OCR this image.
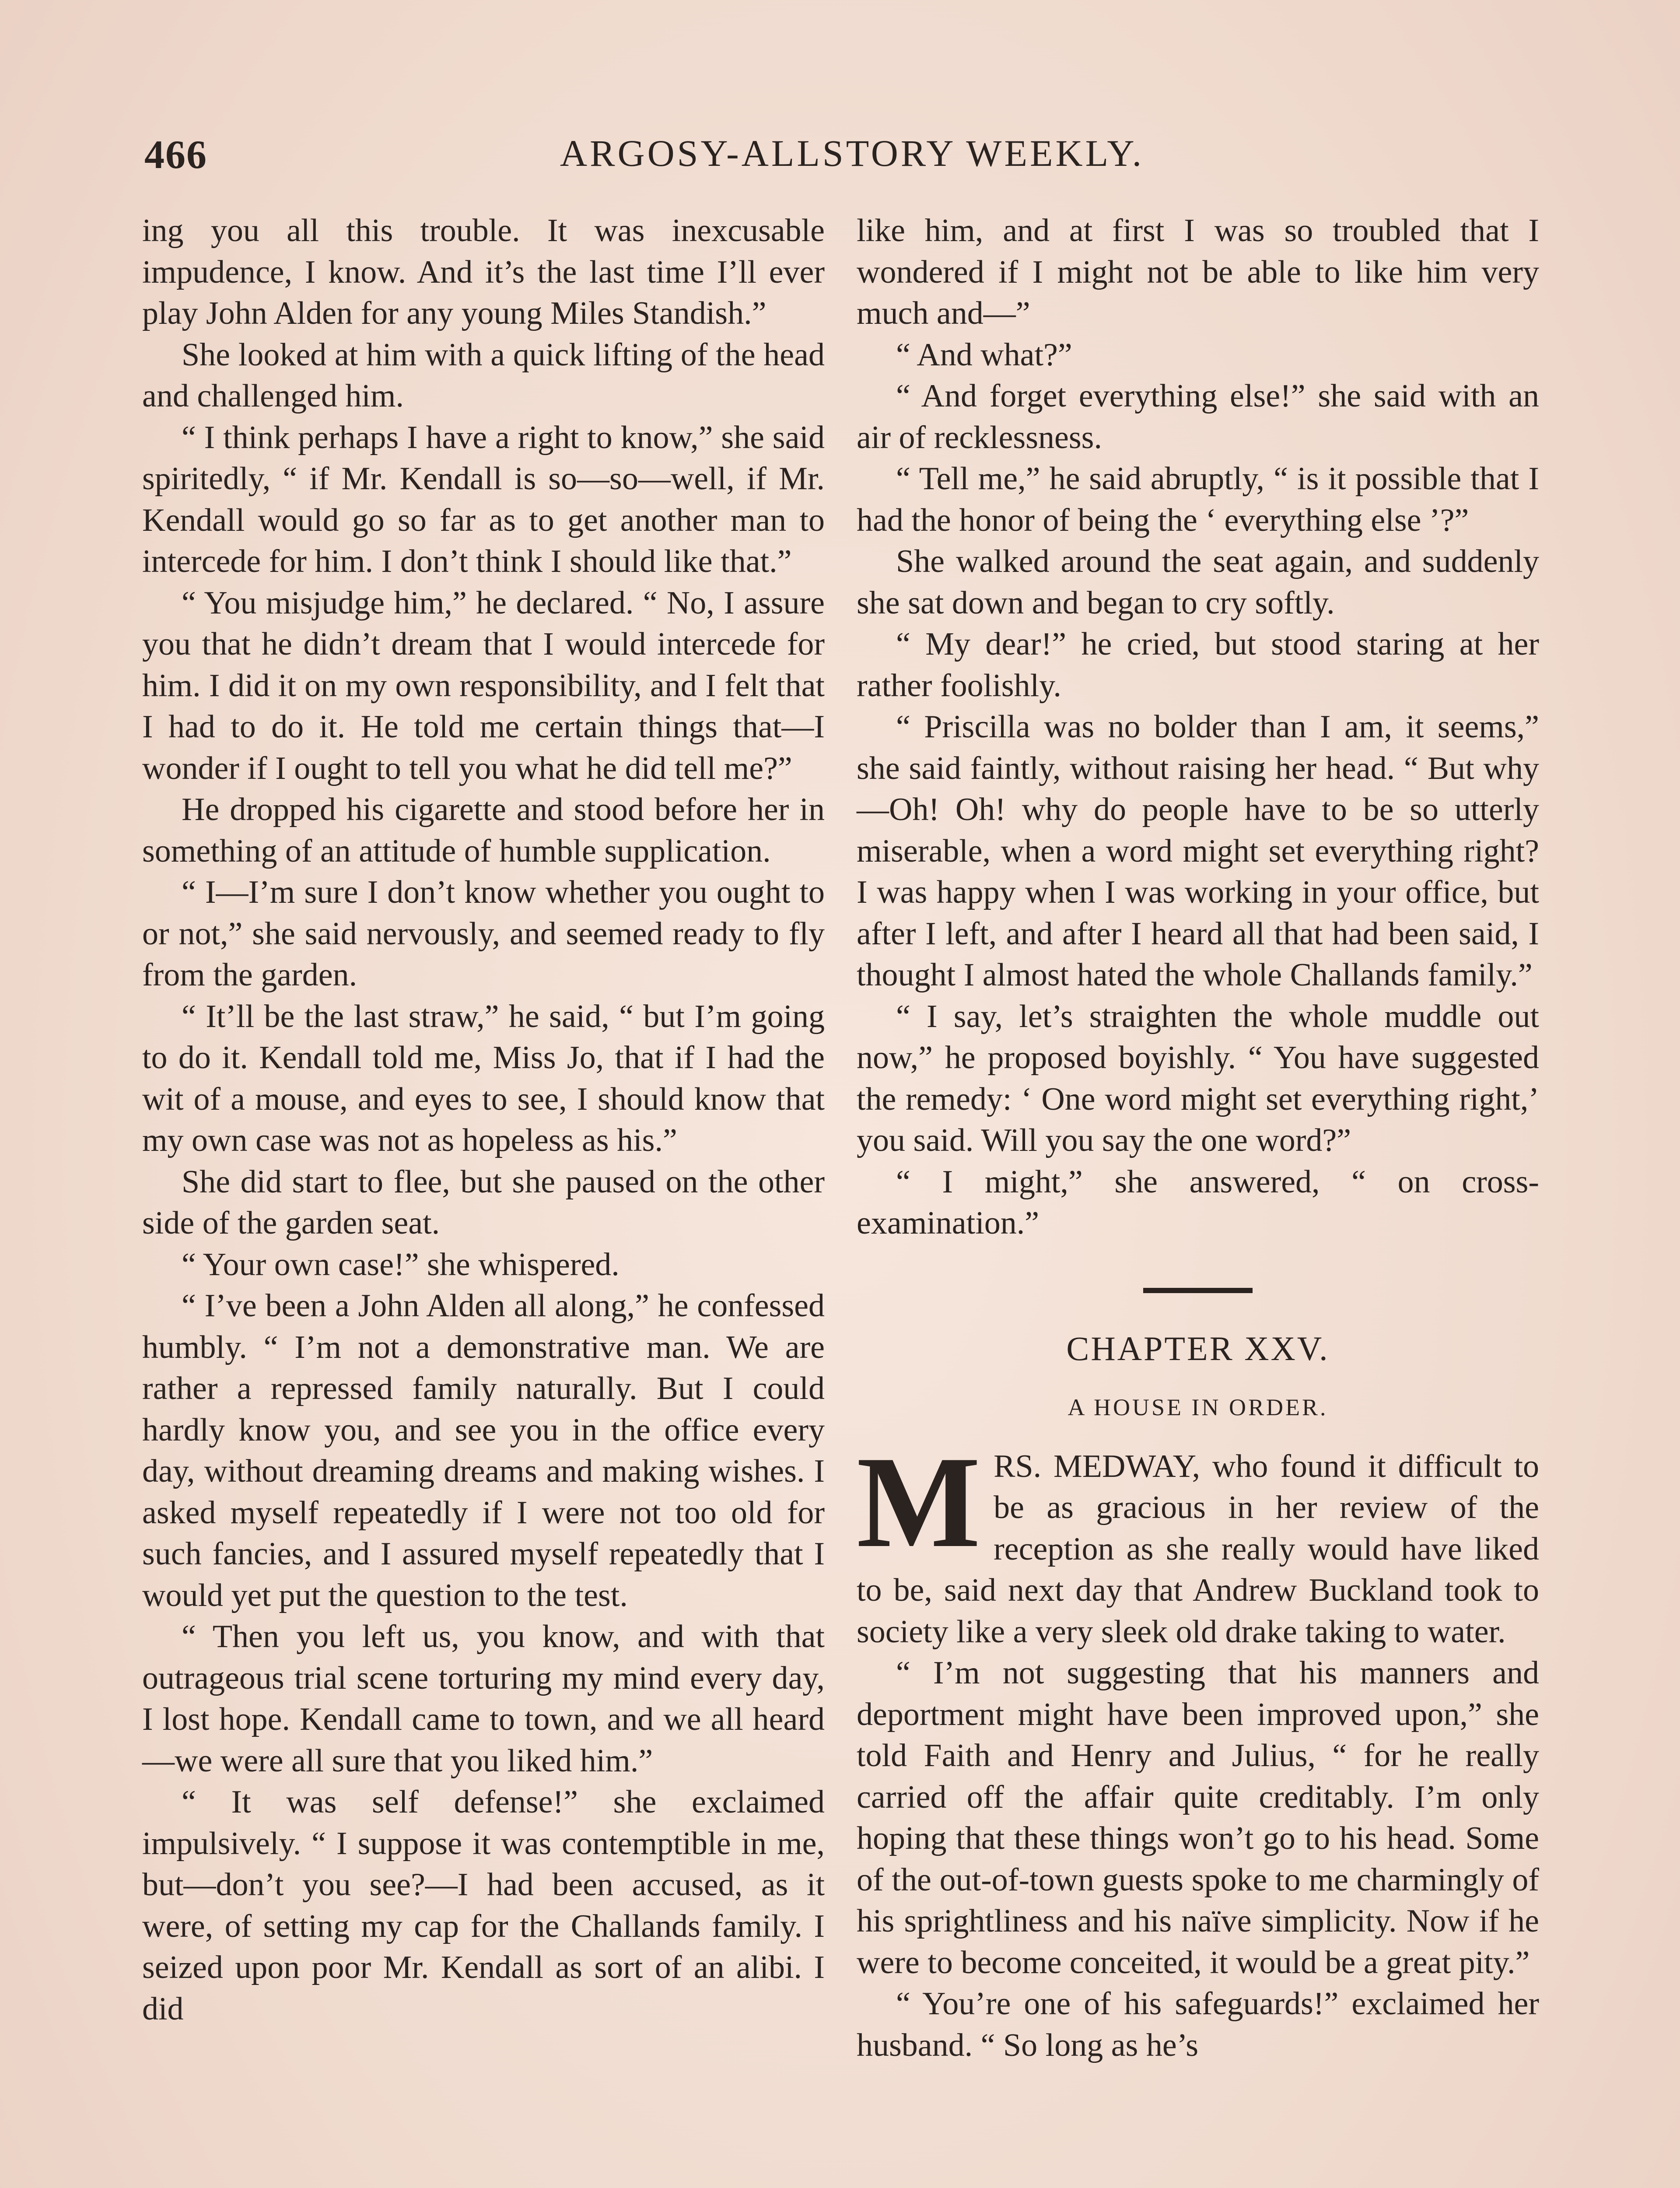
466	ARGOSY-ALLSTORY WEEKLY.

ing you all this trouble. It was inexcusable impudence, I know. And it’s the last time I’ll ever play John Alden for any young Miles Standish.”

She looked at him with a quick lifting of the head and challenged him.

“ I think perhaps I have a right to know,” she said spiritedly, “ if Mr. Kendall is so—so—well, if Mr. Kendall would go so far as to get another man to intercede for him. I don’t think I should like that.”

“ You misjudge him,” he declared. “ No, I assure you that he didn’t dream that I would intercede for him. I did it on my own responsibility, and I felt that I had to do it. He told me certain things that—I wonder if I ought to tell you what he did tell me?”

He dropped his cigarette and stood before her in something of an attitude of humble supplication.

“ I—I’m sure I don’t know whether you ought to or not,” she said nervously, and seemed ready to fly from the garden.

“ It’ll be the last straw,” he said, “ but I’m going to do it. Kendall told me, Miss Jo, that if I had the wit of a mouse, and eyes to see, I should know that my own case was not as hopeless as his.”

She did start to flee, but she paused on the other side of the garden seat.

“ Your own case!” she whispered.

“ I’ve been a John Alden all along,” he confessed humbly. “ I’m not a demonstrative man. We are rather a repressed family naturally. But I could hardly know you, and see you in the office every day, without dreaming dreams and making wishes. I asked myself repeatedly if I were not too old for such fancies, and I assured myself repeatedly that I would yet put the question to the test.

“ Then you left us, you know, and with that outrageous trial scene torturing my mind every day, I lost hope. Kendall came to town, and we all heard—we were all sure that you liked him.”

“ It was self defense!” she exclaimed impulsively. “ I suppose it was contemptible in me, but—don’t you see?—I had been accused, as it were, of setting my cap for the Challands family. I seized upon poor Mr. Kendall as sort of an alibi. I did

like him, and at first I was so troubled that I wondered if I might not be able to like him very much and—”

“ And what?”

“ And forget everything else!” she said with an air of recklessness.

“ Tell me,” he said abruptly, “ is it possible that I had the honor of being the ‘ everything else ’?”

She walked around the seat again, and suddenly she sat down and began to cry softly.

“ My dear!” he cried, but stood staring at her rather foolishly.

“ Priscilla was no bolder than I am, it seems,” she said faintly, without raising her head. “ But why—Oh! Oh! why do people have to be so utterly miserable, when a word might set everything right? I was happy when I was working in your office, but after I left, and after I heard all that had been said, I thought I almost hated the whole Challands family.”

“ I say, let’s straighten the whole muddle out now,” he proposed boyishly. “ You have suggested the remedy: ‘ One word might set everything right,’ you said. Will you say the one word?”

“ I might,” she answered, “ on cross-examination.”

CHAPTER XXV.
A HOUSE IN ORDER.

MRS. MEDWAY, who found it difficult to be as gracious in her review of the reception as she really would have liked to be, said next day that Andrew Buckland took to society like a very sleek old drake taking to water.

“ I’m not suggesting that his manners and deportment might have been improved upon,” she told Faith and Henry and Julius, “ for he really carried off the affair quite creditably. I’m only hoping that these things won’t go to his head. Some of the out-of-town guests spoke to me charmingly of his sprightliness and his naïve simplicity. Now if he were to become conceited, it would be a great pity.”

“ You’re one of his safeguards!” exclaimed her husband. “ So long as he’s
